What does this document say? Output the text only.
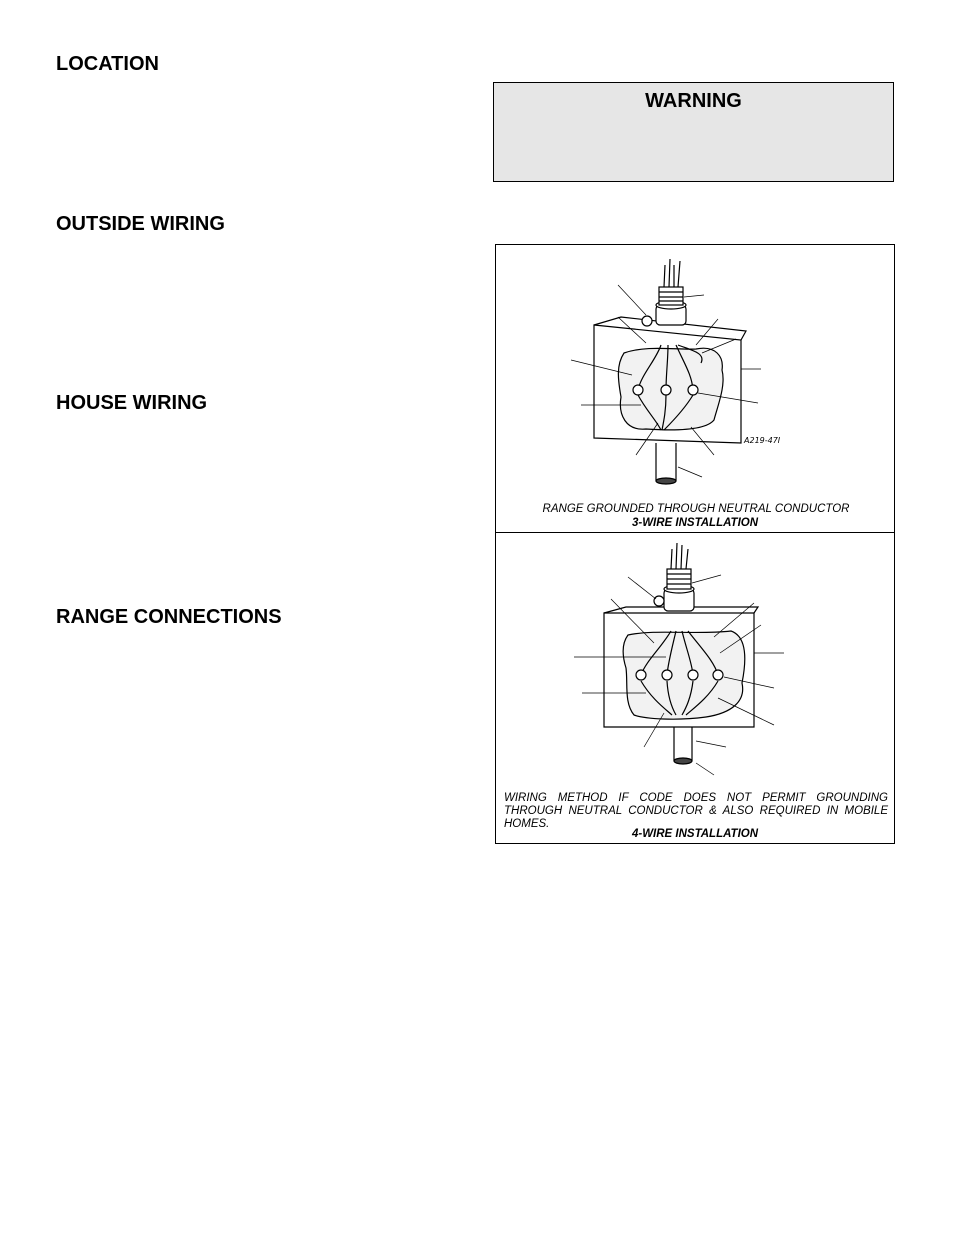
LOCATION
OUTSIDE WIRING
HOUSE WIRING
RANGE CONNECTIONS
WARNING
A219-47I

RANGE GROUNDED THROUGH NEUTRAL CONDUCTOR

3-WIRE INSTALLATION

WIRING METHOD IF CODE DOES NOT PERMIT GROUNDING THROUGH NEUTRAL CONDUCTOR & ALSO REQUIRED IN MOBILE HOMES.

4-WIRE INSTALLATION
